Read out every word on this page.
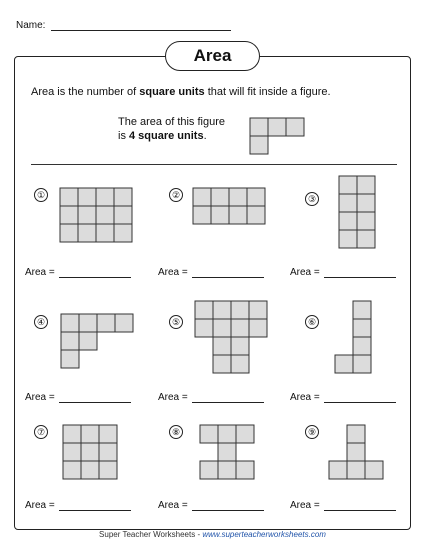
Name:
Area
Area is the number of square units that will fit inside a figure.
The area of this figure
is 4 square units.
①
Area =
②
Area =
③
Area =
④
Area =
⑤
Area =
⑥
Area =
⑦
Area =
⑧
Area =
⑨
Area =
Super Teacher Worksheets - www.superteacherworksheets.com
